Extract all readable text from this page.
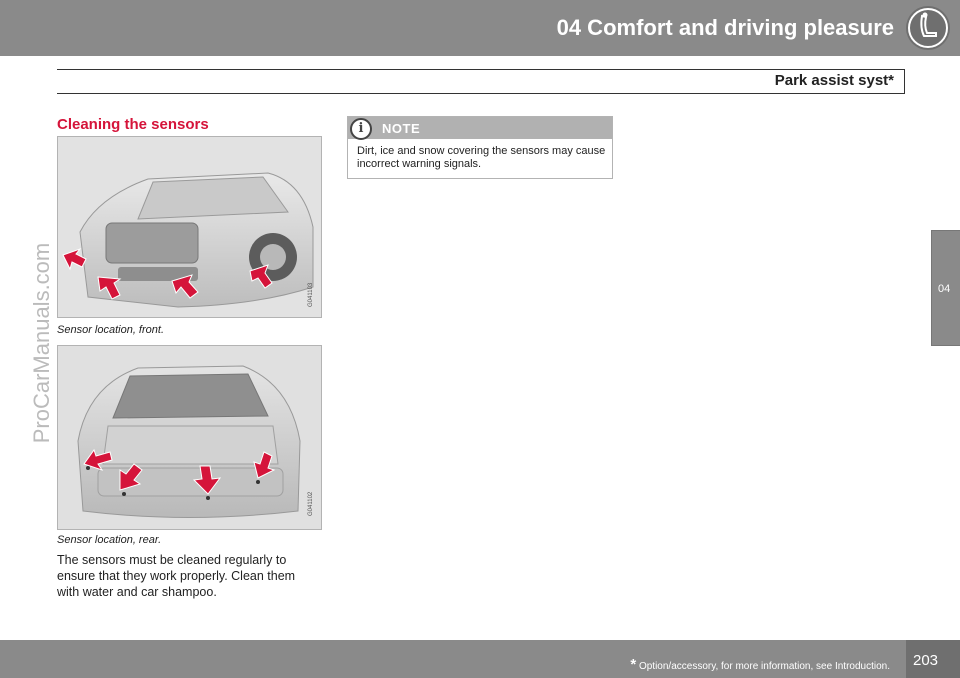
04 Comfort and driving pleasure
Park assist syst*
04
ProCarManuals.com
Cleaning the sensors
G041103
Sensor location, front.
G041102
Sensor location, rear.
The sensors must be cleaned regularly to ensure that they work properly. Clean them with water and car shampoo.
i	NOTE
Dirt, ice and snow covering the sensors may cause incorrect warning signals.
* Option/accessory, for more information, see Introduction. 203
